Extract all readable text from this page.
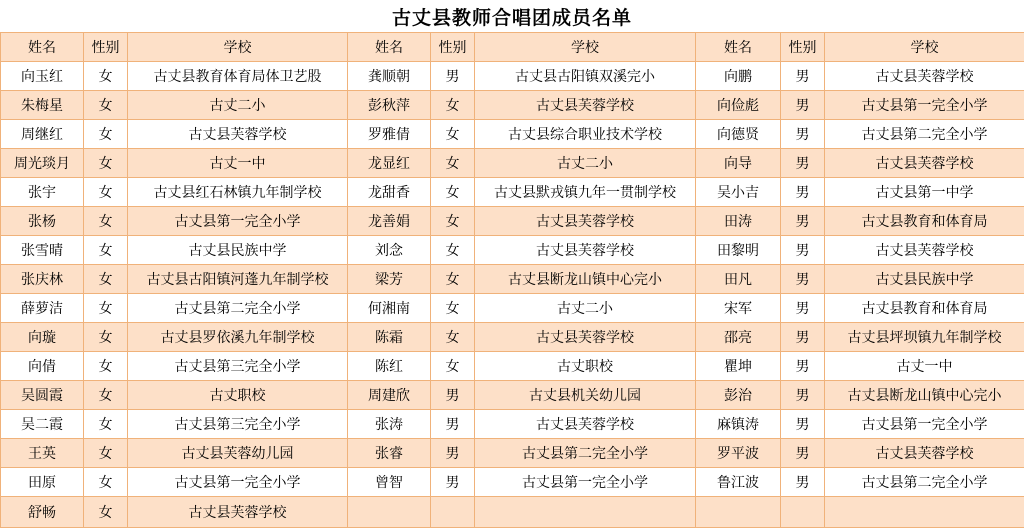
古丈县教师合唱团成员名单
姓名	性别	学校	姓名	性别	学校	姓名	性别	学校
向玉红	女	古丈县教育体育局体卫艺股	龚顺朝	男	古丈县古阳镇双溪完小	向鹏	男	古丈县芙蓉学校
朱梅星	女	古丈二小	彭秋萍	女	古丈县芙蓉学校	向俭彪	男	古丈县第一完全小学
周继红	女	古丈县芙蓉学校	罗雅倩	女	古丈县综合职业技术学校	向德贤	男	古丈县第二完全小学
周光琰月	女	古丈一中	龙显红	女	古丈二小	向导	男	古丈县芙蓉学校
张宇	女	古丈县红石林镇九年制学校	龙甜香	女	古丈县默戎镇九年一贯制学校	吴小吉	男	古丈县第一中学
张杨	女	古丈县第一完全小学	龙善娟	女	古丈县芙蓉学校	田涛	男	古丈县教育和体育局
张雪晴	女	古丈县民族中学	刘念	女	古丈县芙蓉学校	田黎明	男	古丈县芙蓉学校
张庆林	女	古丈县古阳镇河蓬九年制学校	梁芳	女	古丈县断龙山镇中心完小	田凡	男	古丈县民族中学
薛萝洁	女	古丈县第二完全小学	何湘南	女	古丈二小	宋军	男	古丈县教育和体育局
向璇	女	古丈县罗依溪九年制学校	陈霜	女	古丈县芙蓉学校	邵亮	男	古丈县坪坝镇九年制学校
向倩	女	古丈县第三完全小学	陈红	女	古丈职校	瞿坤	男	古丈一中
吴圆霞	女	古丈职校	周建欣	男	古丈县机关幼儿园	彭治	男	古丈县断龙山镇中心完小
吴二霞	女	古丈县第三完全小学	张涛	男	古丈县芙蓉学校	麻镇涛	男	古丈县第一完全小学
王英	女	古丈县芙蓉幼儿园	张睿	男	古丈县第二完全小学	罗平波	男	古丈县芙蓉学校
田原	女	古丈县第一完全小学	曾智	男	古丈县第一完全小学	鲁江波	男	古丈县第二完全小学
舒畅	女	古丈县芙蓉学校						
